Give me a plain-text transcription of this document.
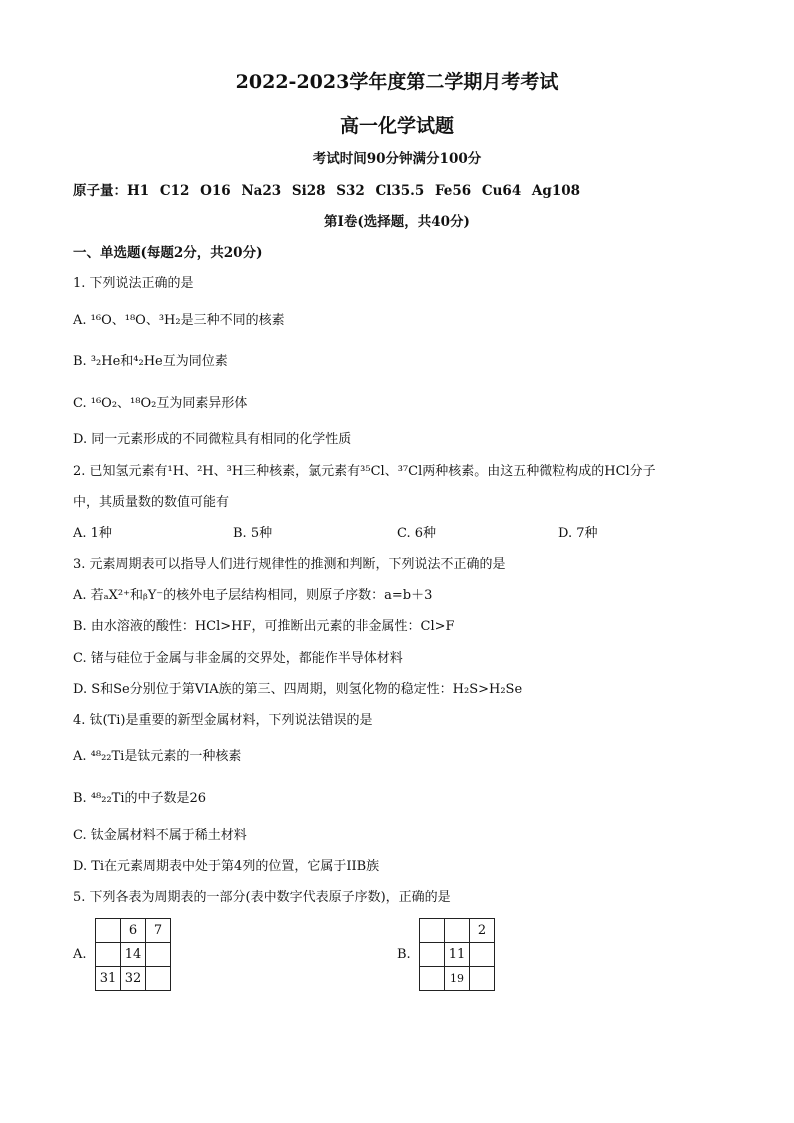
2022-2023学年度第二学期月考考试
高一化学试题
考试时间90分钟满分100分
原子量：H1 C12 O16 Na23 Si28 S32 Cl35.5 Fe56 Cu64 Ag108
第I卷(选择题，共40分)
一、单选题(每题2分，共20分)
1. 下列说法正确的是
A. ¹⁶O、¹⁸O、³H₂是三种不同的核素
B. ³₂He和⁴₂He互为同位素
C. ¹⁶O₂、¹⁸O₂互为同素异形体
D. 同一元素形成的不同微粒具有相同的化学性质
2. 已知氢元素有¹H、²H、³H三种核素，氯元素有³⁵Cl、³⁷Cl两种核素。由这五种微粒构成的HCl分子
中，其质量数的数值可能有
A. 1种	B. 5种	C. 6种	D. 7种
3. 元素周期表可以指导人们进行规律性的推测和判断，下列说法不正确的是
A. 若ₐX²⁺和ᵦY⁻的核外电子层结构相同，则原子序数：a=b＋3
B. 由水溶液的酸性：HCl>HF，可推断出元素的非金属性：Cl>F
C. 锗与硅位于金属与非金属的交界处，都能作半导体材料
D. S和Se分别位于第VIA族的第三、四周期，则氢化物的稳定性：H₂S>H₂Se
4. 钛(Ti)是重要的新型金属材料，下列说法错误的是
A. ⁴⁸₂₂Ti是钛元素的一种核素
B. ⁴⁸₂₂Ti的中子数是26
C. 钛金属材料不属于稀土材料
D. Ti在元素周期表中处于第4列的位置，它属于IIB族
5. 下列各表为周期表的一部分(表中数字代表原子序数)，正确的是
A.
	6	7
	14	
31	32	
B.
		2
	11	
	19	
